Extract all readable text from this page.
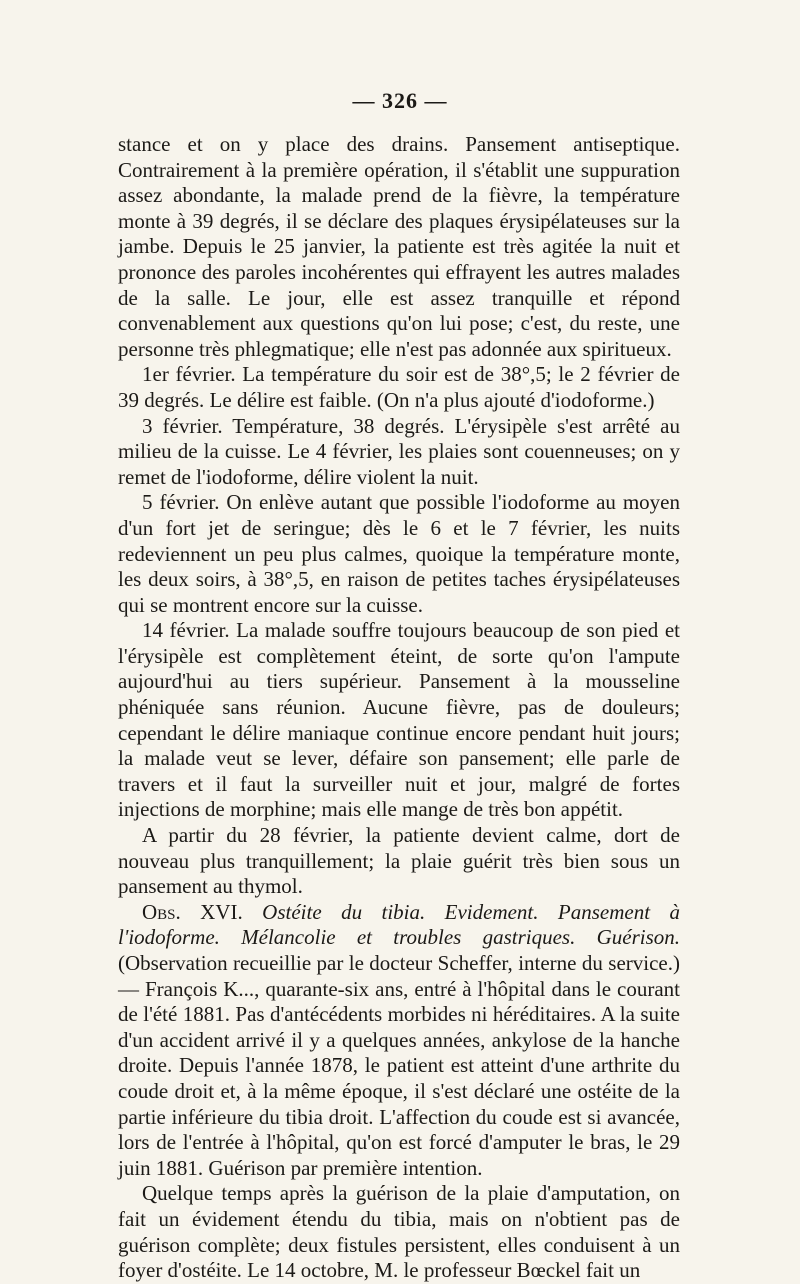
— 326 —

stance et on y place des drains. Pansement antiseptique. Contrairement à la première opération, il s'établit une suppuration assez abondante, la malade prend de la fièvre, la température monte à 39 degrés, il se déclare des plaques érysipélateuses sur la jambe. Depuis le 25 janvier, la patiente est très agitée la nuit et prononce des paroles incohérentes qui effrayent les autres malades de la salle. Le jour, elle est assez tranquille et répond convenablement aux questions qu'on lui pose; c'est, du reste, une personne très phlegmatique; elle n'est pas adonnée aux spiritueux.

1er février. La température du soir est de 38°,5; le 2 février de 39 degrés. Le délire est faible. (On n'a plus ajouté d'iodoforme.)

3 février. Température, 38 degrés. L'érysipèle s'est arrêté au milieu de la cuisse. Le 4 février, les plaies sont couenneuses; on y remet de l'iodoforme, délire violent la nuit.

5 février. On enlève autant que possible l'iodoforme au moyen d'un fort jet de seringue; dès le 6 et le 7 février, les nuits redeviennent un peu plus calmes, quoique la température monte, les deux soirs, à 38°,5, en raison de petites taches érysipélateuses qui se montrent encore sur la cuisse.

14 février. La malade souffre toujours beaucoup de son pied et l'érysipèle est complètement éteint, de sorte qu'on l'ampute aujourd'hui au tiers supérieur. Pansement à la mousseline phéniquée sans réunion. Aucune fièvre, pas de douleurs; cependant le délire maniaque continue encore pendant huit jours; la malade veut se lever, défaire son pansement; elle parle de travers et il faut la surveiller nuit et jour, malgré de fortes injections de morphine; mais elle mange de très bon appétit.

A partir du 28 février, la patiente devient calme, dort de nouveau plus tranquillement; la plaie guérit très bien sous un pansement au thymol.

Obs. XVI. Ostéite du tibia. Evidement. Pansement à l'iodoforme. Mélancolie et troubles gastriques. Guérison. (Observation recueillie par le docteur Scheffer, interne du service.) — François K..., quarante-six ans, entré à l'hôpital dans le courant de l'été 1881. Pas d'antécédents morbides ni héréditaires. A la suite d'un accident arrivé il y a quelques années, ankylose de la hanche droite. Depuis l'année 1878, le patient est atteint d'une arthrite du coude droit et, à la même époque, il s'est déclaré une ostéite de la partie inférieure du tibia droit. L'affection du coude est si avancée, lors de l'entrée à l'hôpital, qu'on est forcé d'amputer le bras, le 29 juin 1881. Guérison par première intention.

Quelque temps après la guérison de la plaie d'amputation, on fait un évidement étendu du tibia, mais on n'obtient pas de guérison complète; deux fistules persistent, elles conduisent à un foyer d'ostéite. Le 14 octobre, M. le professeur Bœckel fait un
